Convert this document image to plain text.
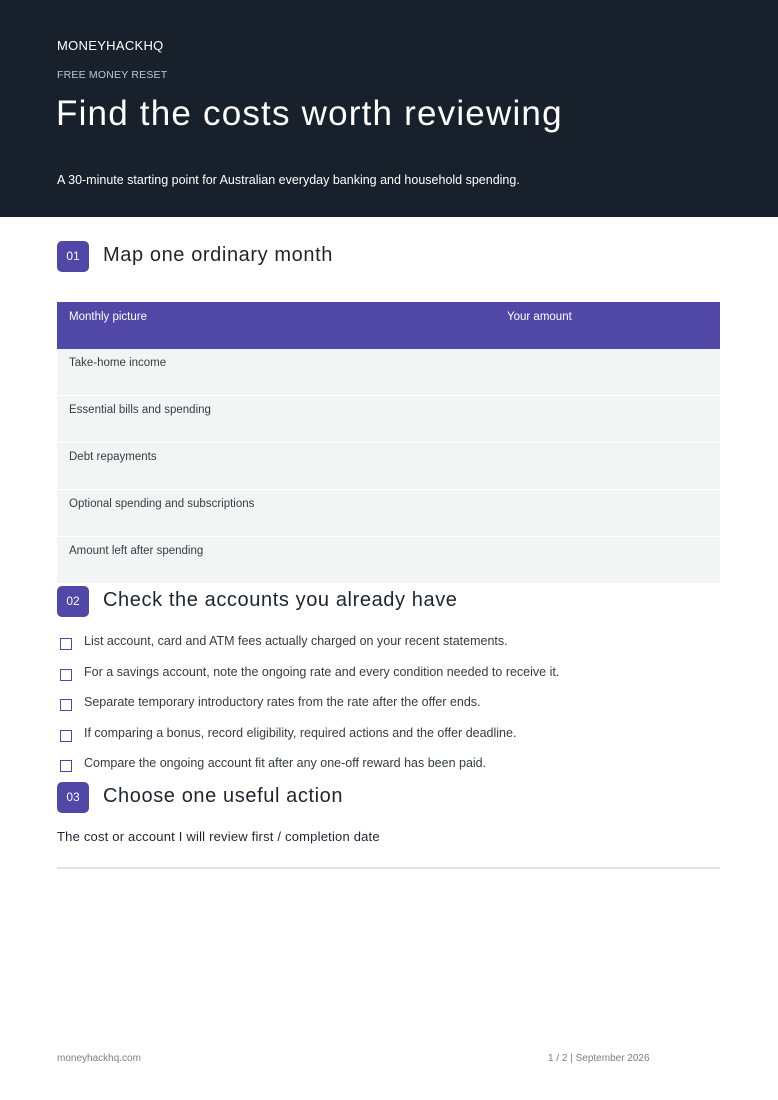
MONEYHACKHQ
FREE MONEY RESET
Find the costs worth reviewing
A 30-minute starting point for Australian everyday banking and household spending.
01	Map one ordinary month
Monthly picture	Your amount
Take-home income
Essential bills and spending
Debt repayments
Optional spending and subscriptions
Amount left after spending
02	Check the accounts you already have
List account, card and ATM fees actually charged on your recent statements.
For a savings account, note the ongoing rate and every condition needed to receive it.
Separate temporary introductory rates from the rate after the offer ends.
If comparing a bonus, record eligibility, required actions and the offer deadline.
Compare the ongoing account fit after any one-off reward has been paid.
03	Choose one useful action
The cost or account I will review first / completion date
moneyhackhq.com	1 / 2 | September 2026
